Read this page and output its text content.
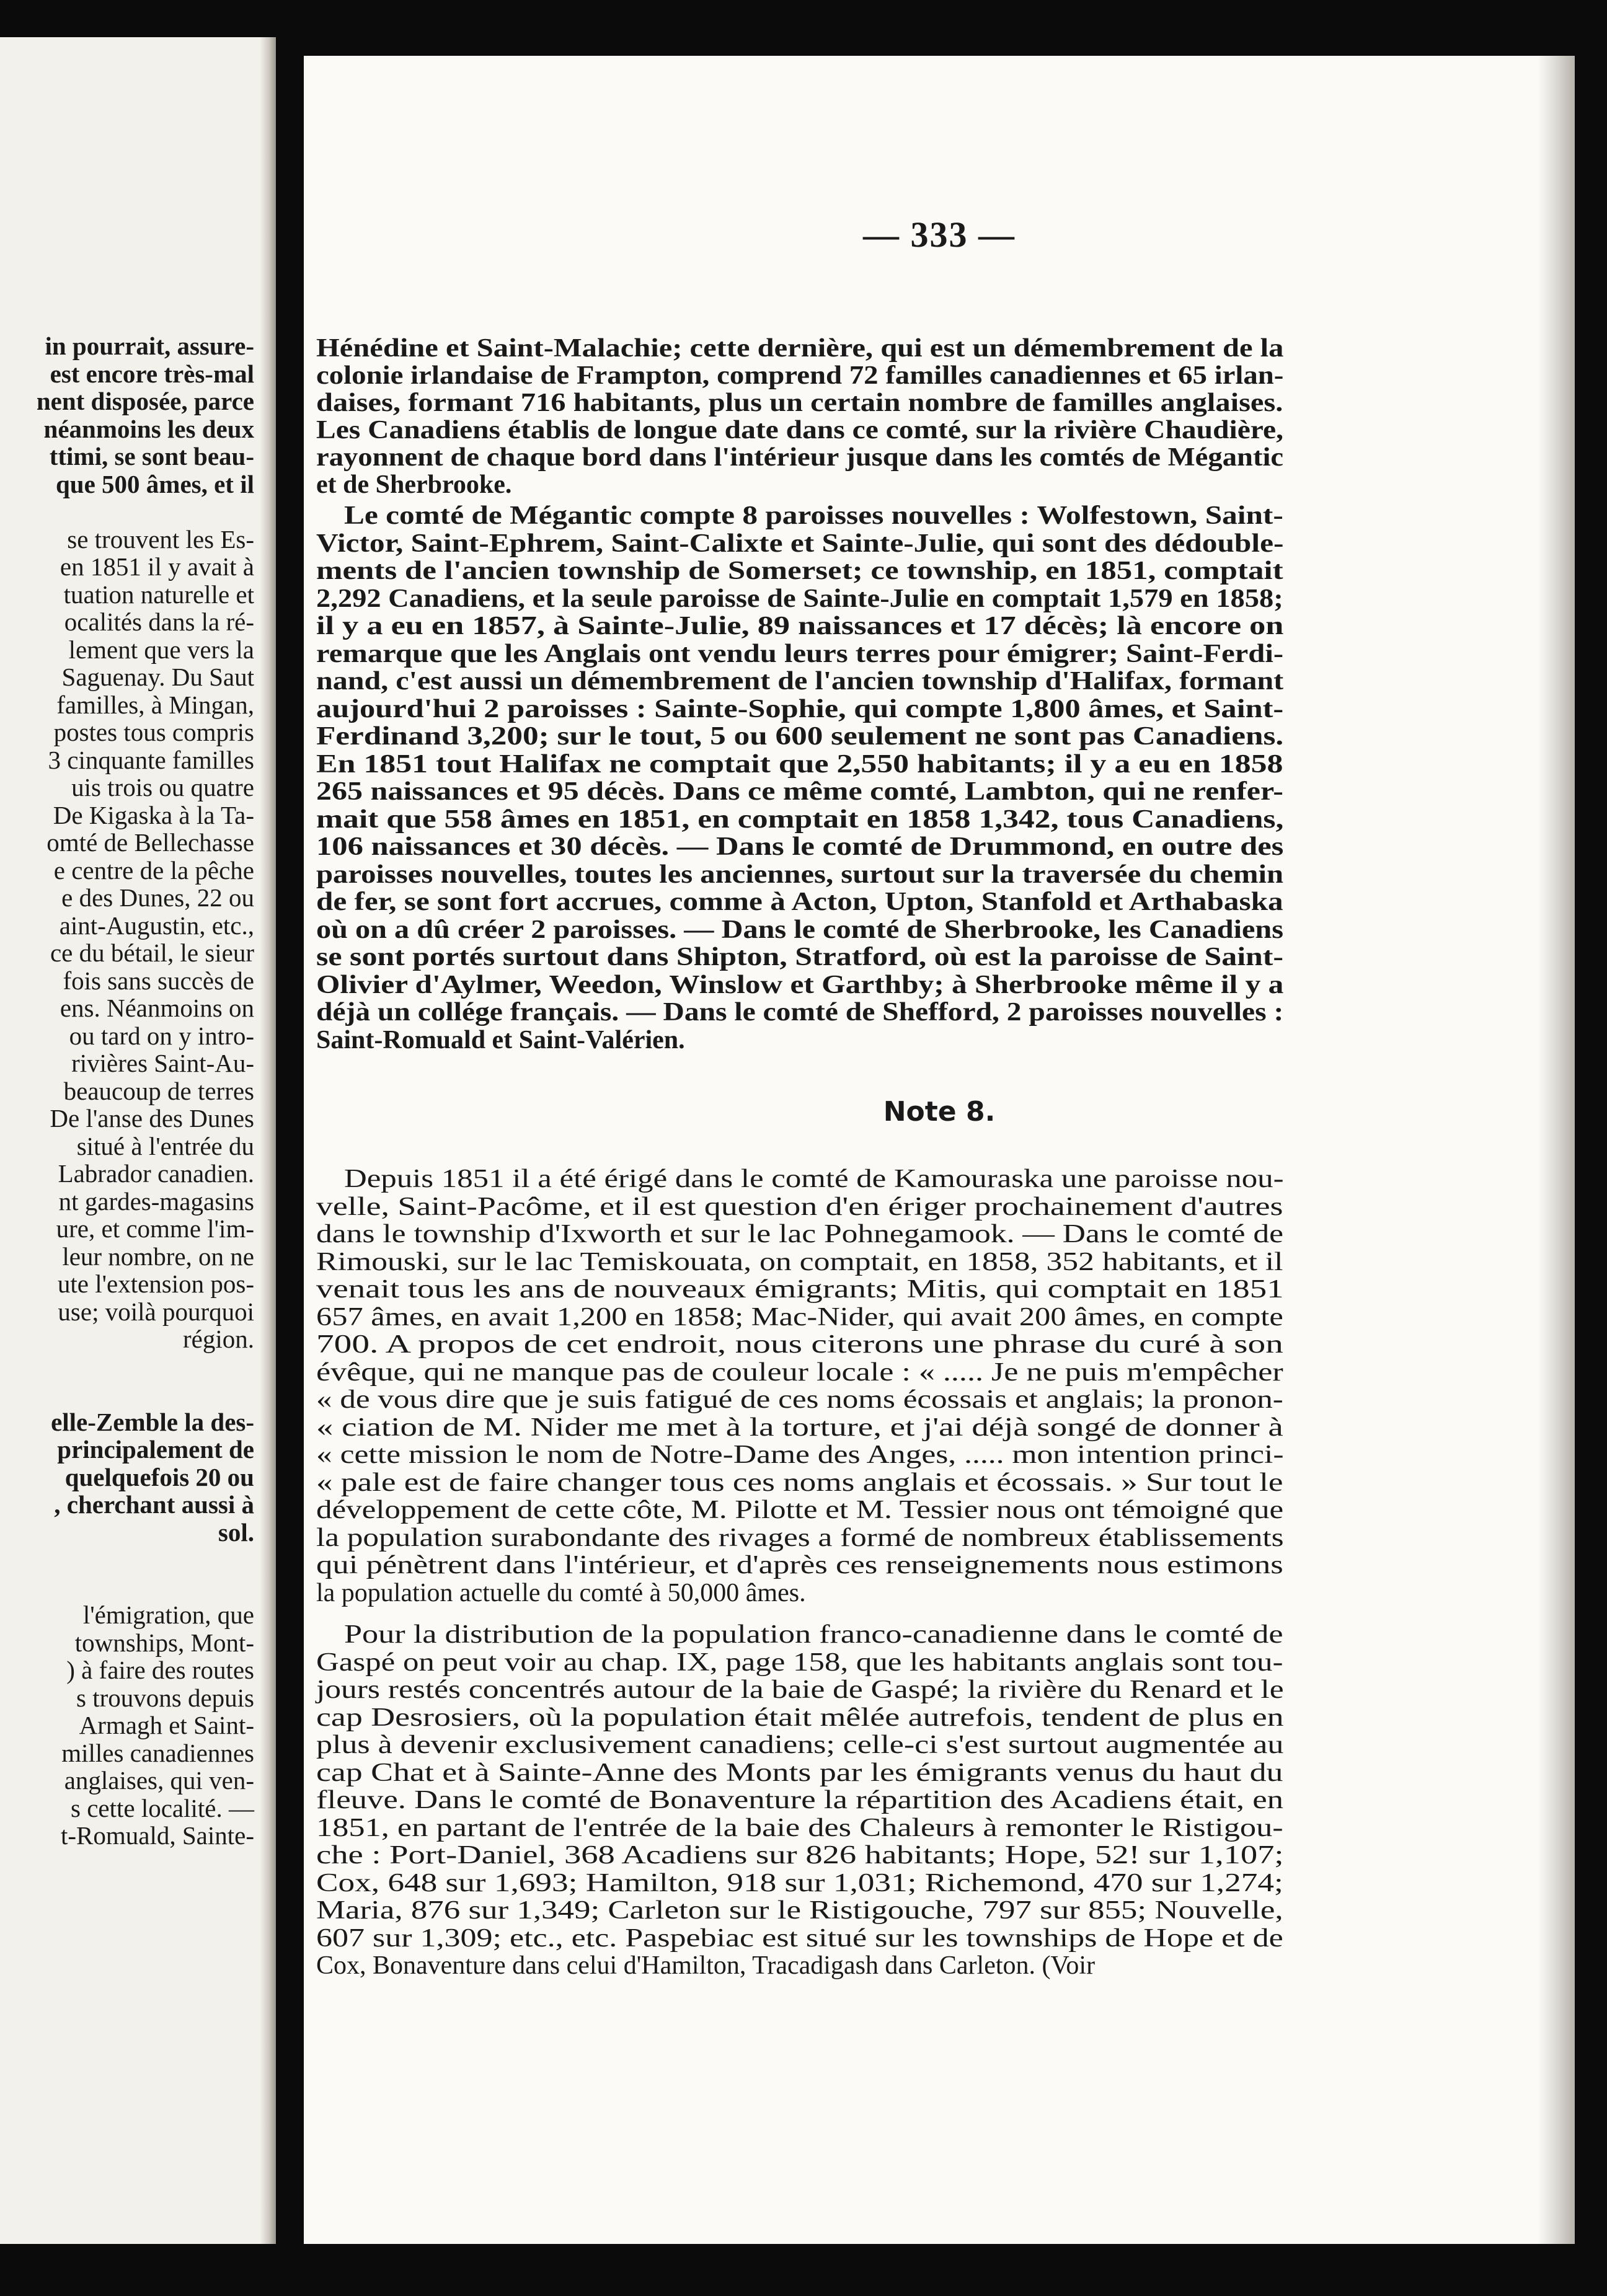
in pourrait, assure-
est encore très-mal
nent disposée, parce
néanmoins les deux
ttimi, se sont beau-
que 500 âmes, et il
se trouvent les Es-
en 1851 il y avait à
tuation naturelle et
ocalités dans la ré-
lement que vers la
Saguenay. Du Saut
familles, à Mingan,
postes tous compris
3 cinquante familles
uis trois ou quatre
De Kigaska à la Ta-
omté de Bellechasse
e centre de la pêche
e des Dunes, 22 ou
aint-Augustin, etc.,
ce du bétail, le sieur
fois sans succès de
ens. Néanmoins on
ou tard on y intro-
rivières Saint-Au-
beaucoup de terres
De l'anse des Dunes
situé à l'entrée du
Labrador canadien.
nt gardes-magasins
ure, et comme l'im-
leur nombre, on ne
ute l'extension pos-
use; voilà pourquoi
région.
elle-Zemble la des-
principalement de
quelquefois 20 ou
, cherchant aussi à
sol.
l'émigration, que
townships, Mont-
) à faire des routes
s trouvons depuis
Armagh et Saint-
milles canadiennes
anglaises, qui ven-
s cette localité. —
t-Romuald, Sainte-
— 333 —
Hénédine et Saint-Malachie; cette dernière, qui est un démembrement de la
colonie irlandaise de Frampton, comprend 72 familles canadiennes et 65 irlan-
daises, formant 716 habitants, plus un certain nombre de familles anglaises.
Les Canadiens établis de longue date dans ce comté, sur la rivière Chaudière,
rayonnent de chaque bord dans l'intérieur jusque dans les comtés de Mégantic
et de Sherbrooke.
Le comté de Mégantic compte 8 paroisses nouvelles : Wolfestown, Saint-
Victor, Saint-Ephrem, Saint-Calixte et Sainte-Julie, qui sont des dédouble-
ments de l'ancien township de Somerset; ce township, en 1851, comptait
2,292 Canadiens, et la seule paroisse de Sainte-Julie en comptait 1,579 en 1858;
il y a eu en 1857, à Sainte-Julie, 89 naissances et 17 décès; là encore on
remarque que les Anglais ont vendu leurs terres pour émigrer; Saint-Ferdi-
nand, c'est aussi un démembrement de l'ancien township d'Halifax, formant
aujourd'hui 2 paroisses : Sainte-Sophie, qui compte 1,800 âmes, et Saint-
Ferdinand 3,200; sur le tout, 5 ou 600 seulement ne sont pas Canadiens.
En 1851 tout Halifax ne comptait que 2,550 habitants; il y a eu en 1858
265 naissances et 95 décès. Dans ce même comté, Lambton, qui ne renfer-
mait que 558 âmes en 1851, en comptait en 1858 1,342, tous Canadiens,
106 naissances et 30 décès. — Dans le comté de Drummond, en outre des
paroisses nouvelles, toutes les anciennes, surtout sur la traversée du chemin
de fer, se sont fort accrues, comme à Acton, Upton, Stanfold et Arthabaska
où on a dû créer 2 paroisses. — Dans le comté de Sherbrooke, les Canadiens
se sont portés surtout dans Shipton, Stratford, où est la paroisse de Saint-
Olivier d'Aylmer, Weedon, Winslow et Garthby; à Sherbrooke même il y a
déjà un collége français. — Dans le comté de Shefford, 2 paroisses nouvelles :
Saint-Romuald et Saint-Valérien.
Note 8.
Depuis 1851 il a été érigé dans le comté de Kamouraska une paroisse nou-
velle, Saint-Pacôme, et il est question d'en ériger prochainement d'autres
dans le township d'Ixworth et sur le lac Pohnegamook. — Dans le comté de
Rimouski, sur le lac Temiskouata, on comptait, en 1858, 352 habitants, et il
venait tous les ans de nouveaux émigrants; Mitis, qui comptait en 1851
657 âmes, en avait 1,200 en 1858; Mac-Nider, qui avait 200 âmes, en compte
700. A propos de cet endroit, nous citerons une phrase du curé à son
évêque, qui ne manque pas de couleur locale : « ..... Je ne puis m'empêcher
« de vous dire que je suis fatigué de ces noms écossais et anglais; la pronon-
« ciation de M. Nider me met à la torture, et j'ai déjà songé de donner à
« cette mission le nom de Notre-Dame des Anges, ..... mon intention princi-
« pale est de faire changer tous ces noms anglais et écossais. » Sur tout le
développement de cette côte, M. Pilotte et M. Tessier nous ont témoigné que
la population surabondante des rivages a formé de nombreux établissements
qui pénètrent dans l'intérieur, et d'après ces renseignements nous estimons
la population actuelle du comté à 50,000 âmes.
Pour la distribution de la population franco-canadienne dans le comté de
Gaspé on peut voir au chap. IX, page 158, que les habitants anglais sont tou-
jours restés concentrés autour de la baie de Gaspé; la rivière du Renard et le
cap Desrosiers, où la population était mêlée autrefois, tendent de plus en
plus à devenir exclusivement canadiens; celle-ci s'est surtout augmentée au
cap Chat et à Sainte-Anne des Monts par les émigrants venus du haut du
fleuve. Dans le comté de Bonaventure la répartition des Acadiens était, en
1851, en partant de l'entrée de la baie des Chaleurs à remonter le Ristigou-
che : Port-Daniel, 368 Acadiens sur 826 habitants; Hope, 52! sur 1,107;
Cox, 648 sur 1,693; Hamilton, 918 sur 1,031; Richemond, 470 sur 1,274;
Maria, 876 sur 1,349; Carleton sur le Ristigouche, 797 sur 855; Nouvelle,
607 sur 1,309; etc., etc. Paspebiac est situé sur les townships de Hope et de
Cox, Bonaventure dans celui d'Hamilton, Tracadigash dans Carleton. (Voir
